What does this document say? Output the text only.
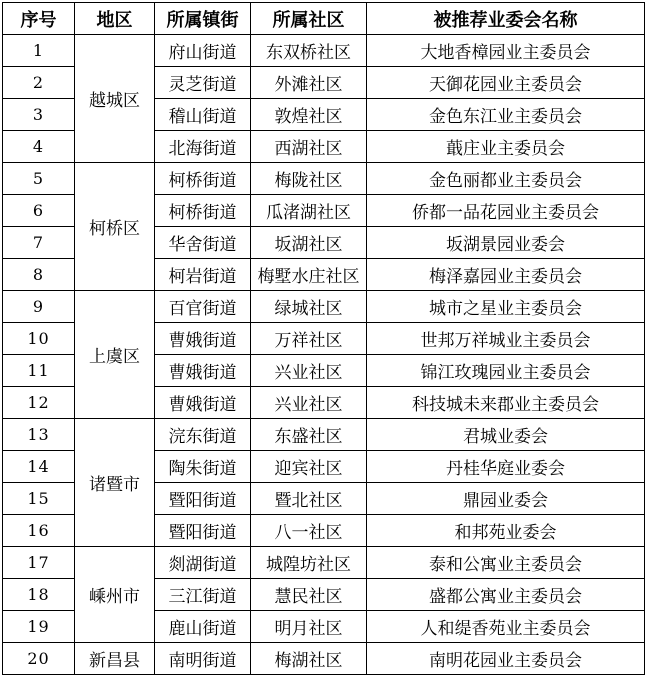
序号	地区	所属镇街	所属社区	被推荐业委会名称
1	越城区	府山街道	东双桥社区	大地香樟园业主委员会
2		灵芝街道	外滩社区	天御花园业主委员会
3		稽山街道	敦煌社区	金色东江业主委员会
4		北海街道	西湖社区	蕺庄业主委员会
5	柯桥区	柯桥街道	梅陇社区	金色丽都业主委员会
6		柯桥街道	瓜渚湖社区	侨都一品花园业主委员会
7		华舍街道	坂湖社区	坂湖景园业委会
8		柯岩街道	梅墅水庄社区	梅泽嘉园业主委员会
9	上虞区	百官街道	绿城社区	城市之星业主委员会
10		曹娥街道	万祥社区	世邦万祥城业主委员会
11		曹娥街道	兴业社区	锦江玫瑰园业主委员会
12		曹娥街道	兴业社区	科技城未来郡业主委员会
13	诸暨市	浣东街道	东盛社区	君城业委会
14		陶朱街道	迎宾社区	丹桂华庭业委会
15		暨阳街道	暨北社区	鼎园业委会
16		暨阳街道	八一社区	和邦苑业委会
17	嵊州市	剡湖街道	城隍坊社区	泰和公寓业主委员会
18		三江街道	慧民社区	盛都公寓业主委员会
19		鹿山街道	明月社区	人和缇香苑业主委员会
20	新昌县	南明街道	梅湖社区	南明花园业主委员会
